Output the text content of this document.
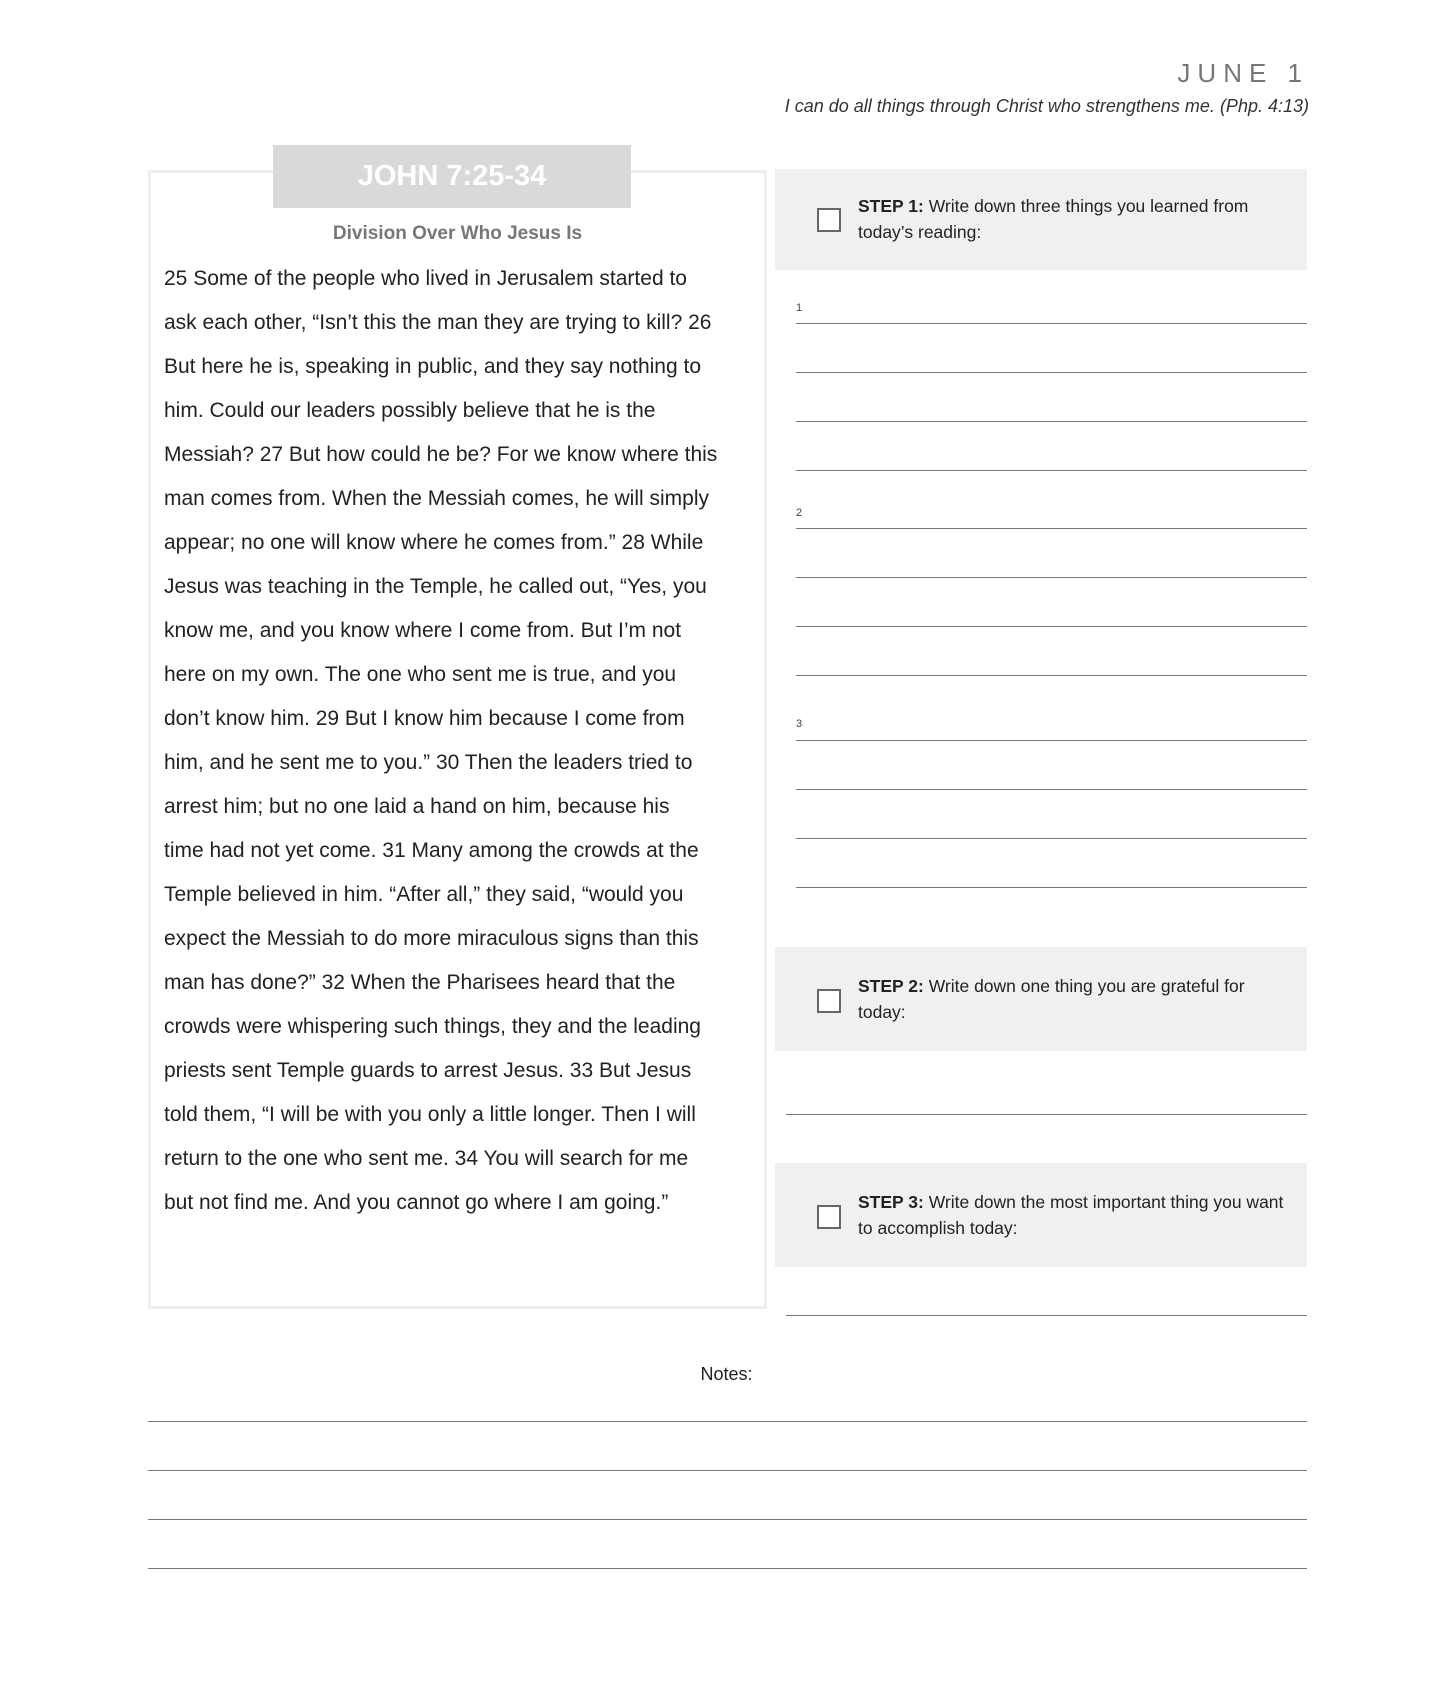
JUNE 1
I can do all things through Christ who strengthens me. (Php. 4:13)
JOHN 7:25-34
Division Over Who Jesus Is
25 Some of the people who lived in Jerusalem started to
ask each other, “Isn’t this the man they are trying to kill? 26
But here he is, speaking in public, and they say nothing to
him. Could our leaders possibly believe that he is the
Messiah? 27 But how could he be? For we know where this
man comes from. When the Messiah comes, he will simply
appear; no one will know where he comes from.” 28 While
Jesus was teaching in the Temple, he called out, “Yes, you
know me, and you know where I come from. But I’m not
here on my own. The one who sent me is true, and you
don’t know him. 29 But I know him because I come from
him, and he sent me to you.” 30 Then the leaders tried to
arrest him; but no one laid a hand on him, because his
time had not yet come. 31 Many among the crowds at the
Temple believed in him. “After all,” they said, “would you
expect the Messiah to do more miraculous signs than this
man has done?” 32 When the Pharisees heard that the
crowds were whispering such things, they and the leading
priests sent Temple guards to arrest Jesus. 33 But Jesus
told them, “I will be with you only a little longer. Then I will
return to the one who sent me. 34 You will search for me
but not find me. And you cannot go where I am going.”
STEP 1: Write down three things you learned from today’s reading:
1
2
3
STEP 2: Write down one thing you are grateful for today:
STEP 3: Write down the most important thing you want to accomplish today:
Notes:
